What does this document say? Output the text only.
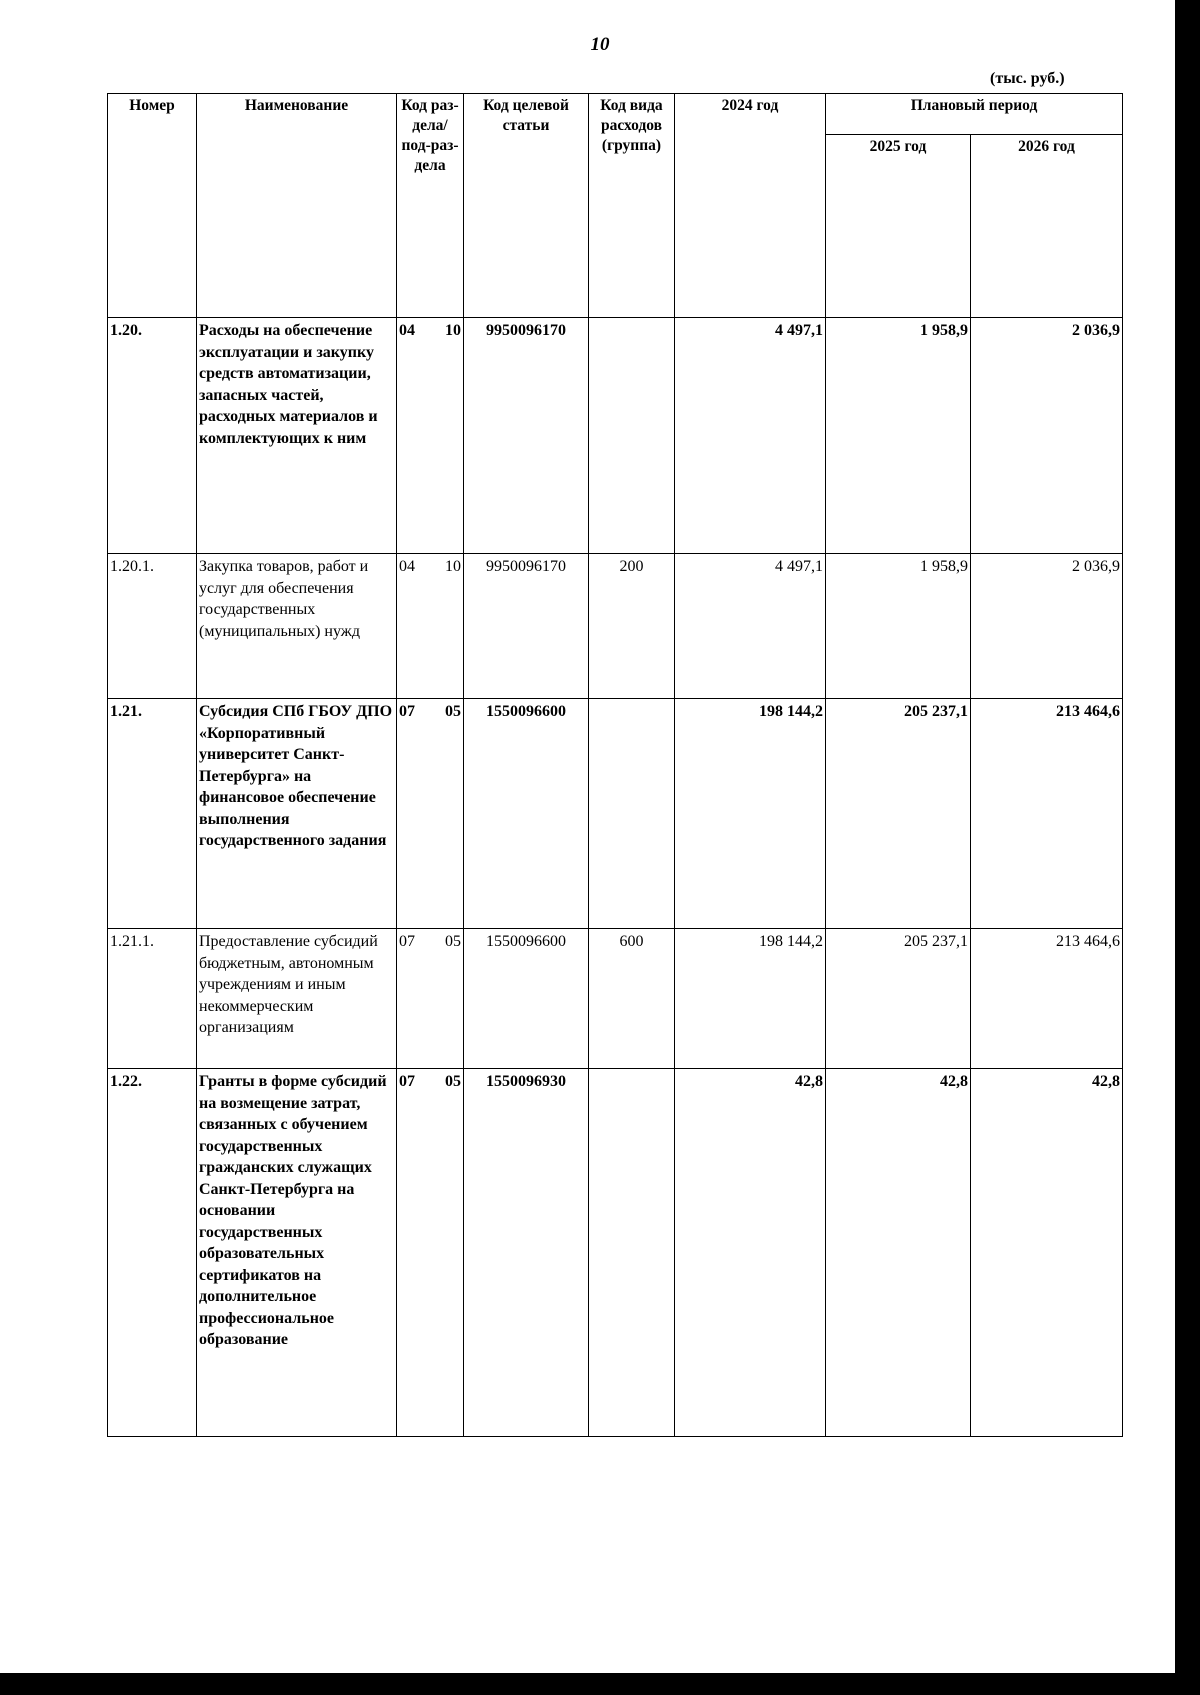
10
(тыс. руб.)
Номер	Наименование	Код раз-дела/ под-раз-дела	Код целевой статьи	Код вида расходов (группа)	2024 год	Плановый период	
						2025 год	2026 год
1.20.	Расходы на обеспечение эксплуатации и закупку средств автоматизации, запасных частей, расходных материалов и комплектующих к ним	04 10	9950096170		4 497,1	1 958,9	2 036,9
1.20.1.	Закупка товаров, работ и услуг для обеспечения государственных (муниципальных) нужд	04 10	9950096170	200	4 497,1	1 958,9	2 036,9
1.21.	Субсидия СПб ГБОУ ДПО «Корпоративный университет Санкт-Петербурга» на финансовое обеспечение выполнения государственного задания	07 05	1550096600		198 144,2	205 237,1	213 464,6
1.21.1.	Предоставление субсидий бюджетным, автономным учреждениям и иным некоммерческим организациям	07 05	1550096600	600	198 144,2	205 237,1	213 464,6
1.22.	Гранты в форме субсидий на возмещение затрат, связанных с обучением государственных гражданских служащих Санкт-Петербурга на основании государственных образовательных сертификатов на дополнительное профессиональное образование	07 05	1550096930		42,8	42,8	42,8
